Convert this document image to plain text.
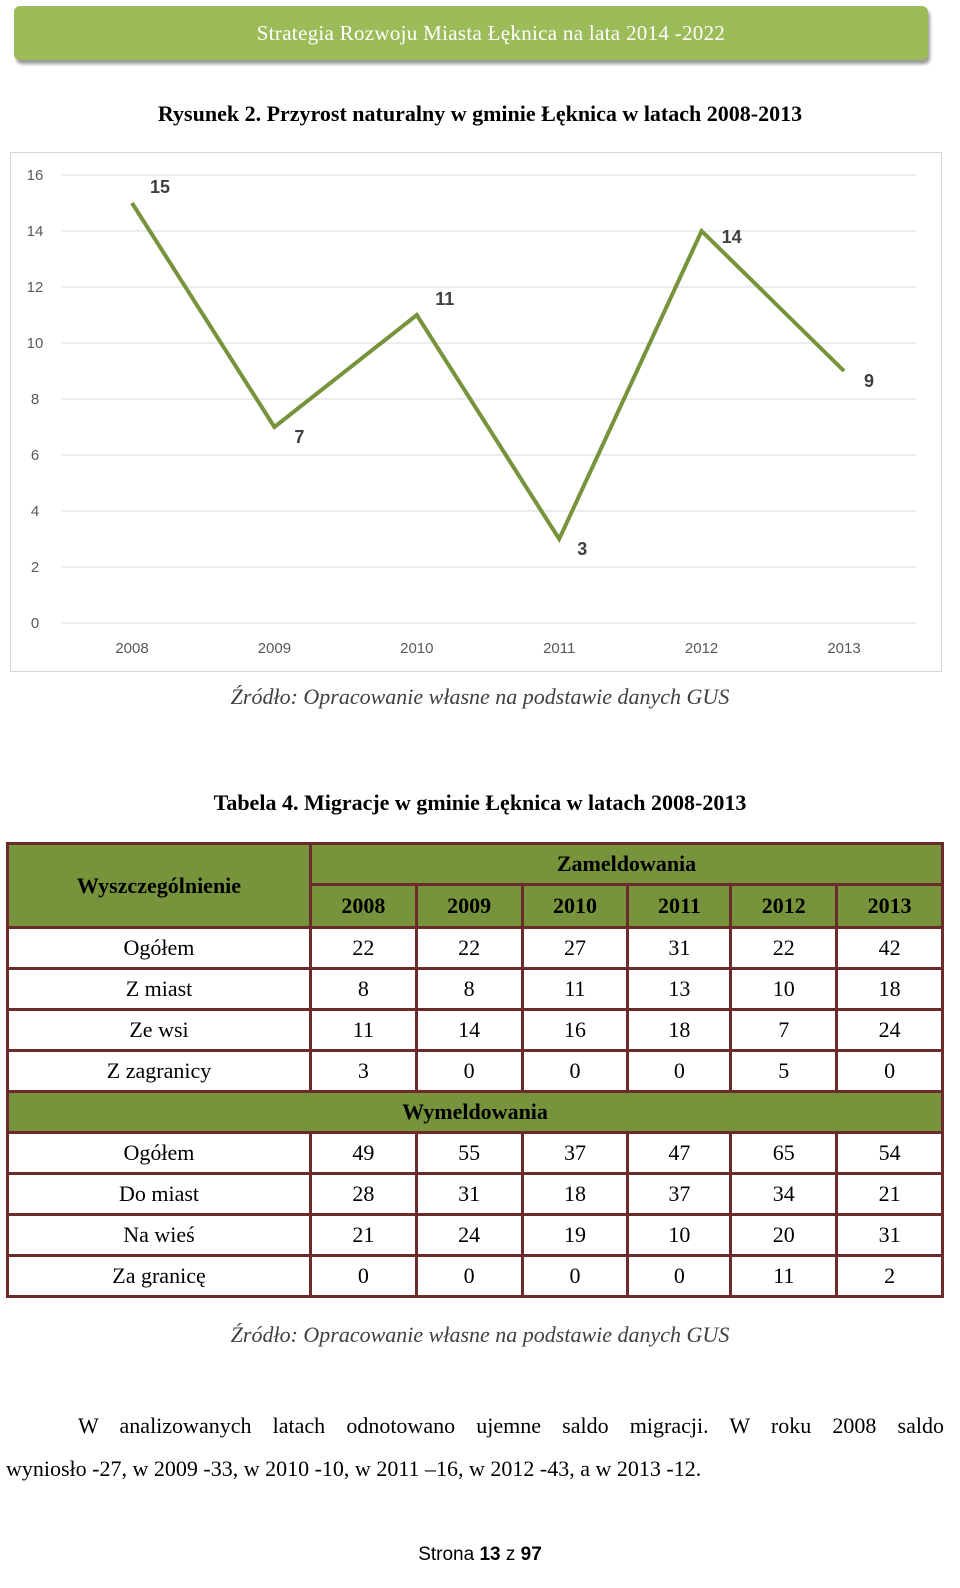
Strategia Rozwoju Miasta Łęknica na lata 2014 -2022
Rysunek 2. Przyrost naturalny w gminie Łęknica w latach 2008-2013
0
2
4
6
8
10
12
14
16
2008	2009	2010	2011	2012	2013
15
7
11
3
14
9
Źródło: Opracowanie własne na podstawie danych GUS
Tabela 4. Migracje w gminie Łęknica w latach 2008-2013
Wyszczególnienie	Zameldowania					
	2008	2009	2010	2011	2012	2013
Ogółem	22	22	27	31	22	42
Z miast	8	8	11	13	10	18
Ze wsi	11	14	16	18	7	24
Z zagranicy	3	0	0	0	5	0
Wymeldowania						
Ogółem	49	55	37	47	65	54
Do miast	28	31	18	37	34	21
Na wieś	21	24	19	10	20	31
Za granicę	0	0	0	0	11	2
Źródło: Opracowanie własne na podstawie danych GUS
W analizowanych latach odnotowano ujemne saldo migracji. W roku 2008 saldo
wyniosło -27, w 2009 -33, w 2010 -10, w 2011 –16, w 2012 -43, a w 2013 -12.
Strona 13 z 97
